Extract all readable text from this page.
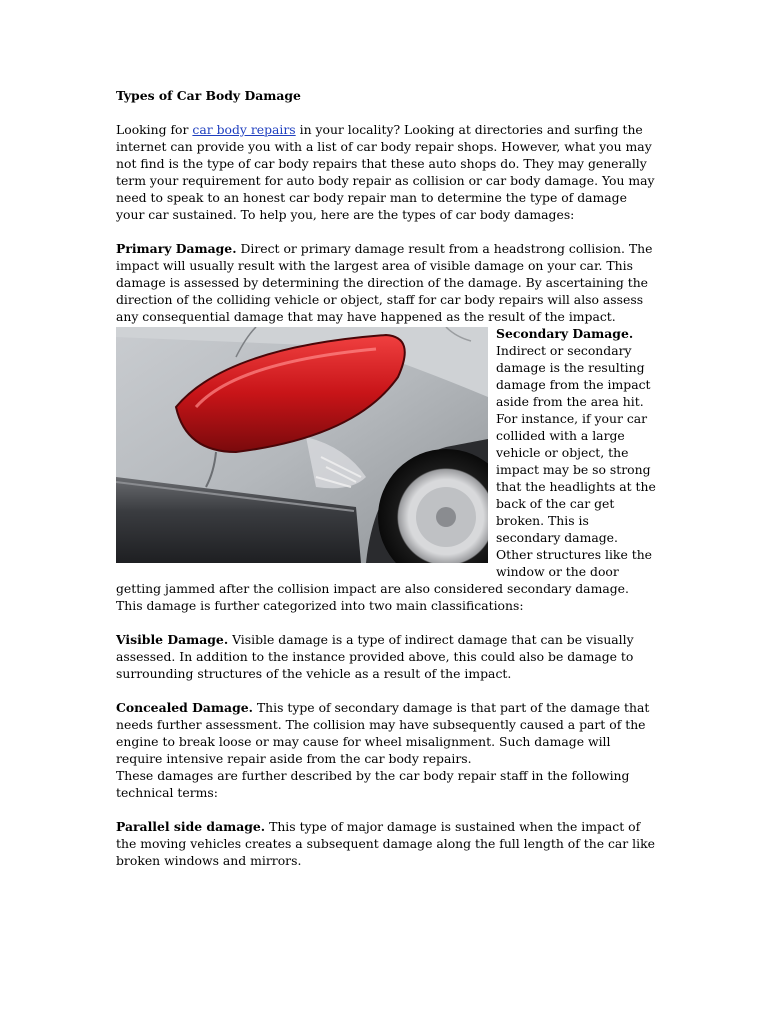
Types of Car Body Damage

Looking for car body repairs in your locality? Looking at directories and surfing the internet can provide you with a list of car body repair shops. However, what you may not find is the type of car body repairs that these auto shops do. They may generally term your requirement for auto body repair as collision or car body damage. You may need to speak to an honest car body repair man to determine the type of damage your car sustained. To help you, here are the types of car body damages:

Primary Damage. Direct or primary damage result from a headstrong collision. The impact will usually result with the largest area of visible damage on your car. This damage is assessed by determining the direction of the damage. By ascertaining the direction of the colliding vehicle or object, staff for car body repairs will also assess any consequential damage that may have happened as the result of the impact.

Secondary Damage. Indirect or secondary damage is the resulting damage from the impact aside from the area hit. For instance, if your car collided with a large vehicle or object, the impact may be so strong that the headlights at the back of the car get broken. This is secondary damage. Other structures like the window or the door getting jammed after the collision impact are also considered secondary damage. This damage is further categorized into two main classifications:

Visible Damage. Visible damage is a type of indirect damage that can be visually assessed. In addition to the instance provided above, this could also be damage to surrounding structures of the vehicle as a result of the impact.

Concealed Damage. This type of secondary damage is that part of the damage that needs further assessment. The collision may have subsequently caused a part of the engine to break loose or may cause for wheel misalignment. Such damage will require intensive repair aside from the car body repairs.

These damages are further described by the car body repair staff in the following technical terms:

Parallel side damage. This type of major damage is sustained when the impact of the moving vehicles creates a subsequent damage along the full length of the car like broken windows and mirrors.
